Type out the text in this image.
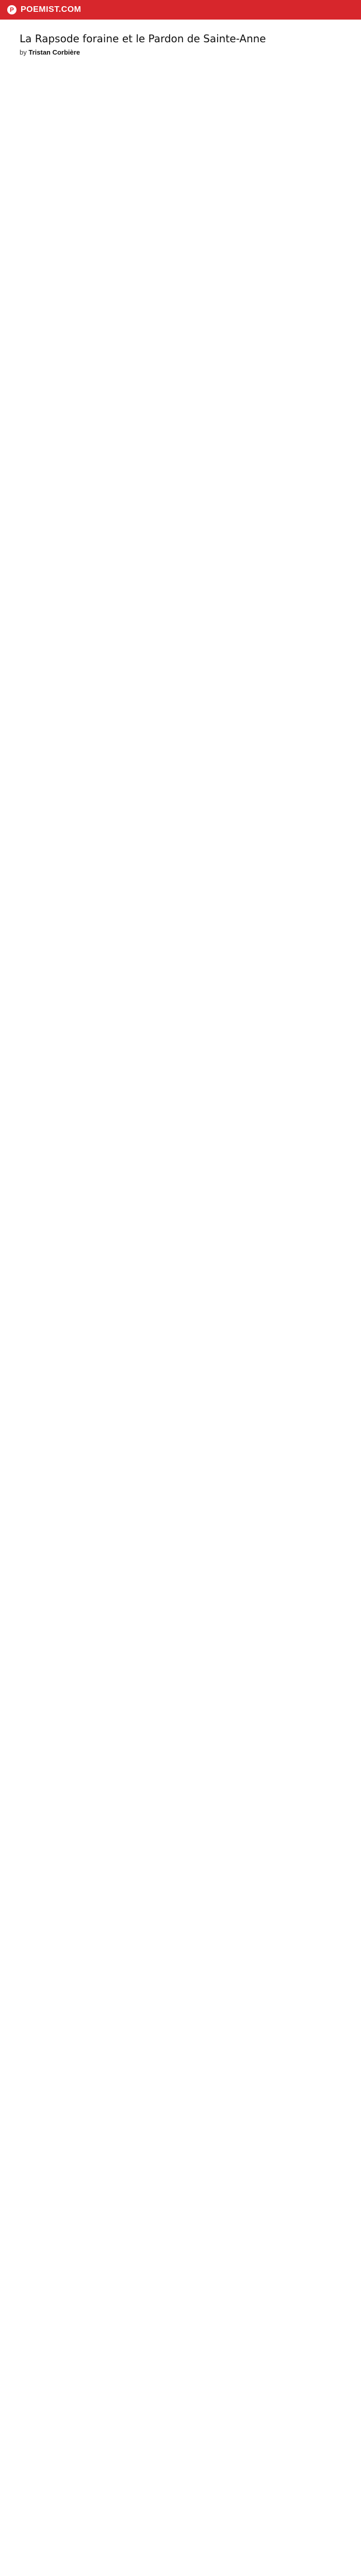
P POEMIST.COM
La Rapsode foraine et le Pardon de Sainte-Anne

by Tristan Corbière
